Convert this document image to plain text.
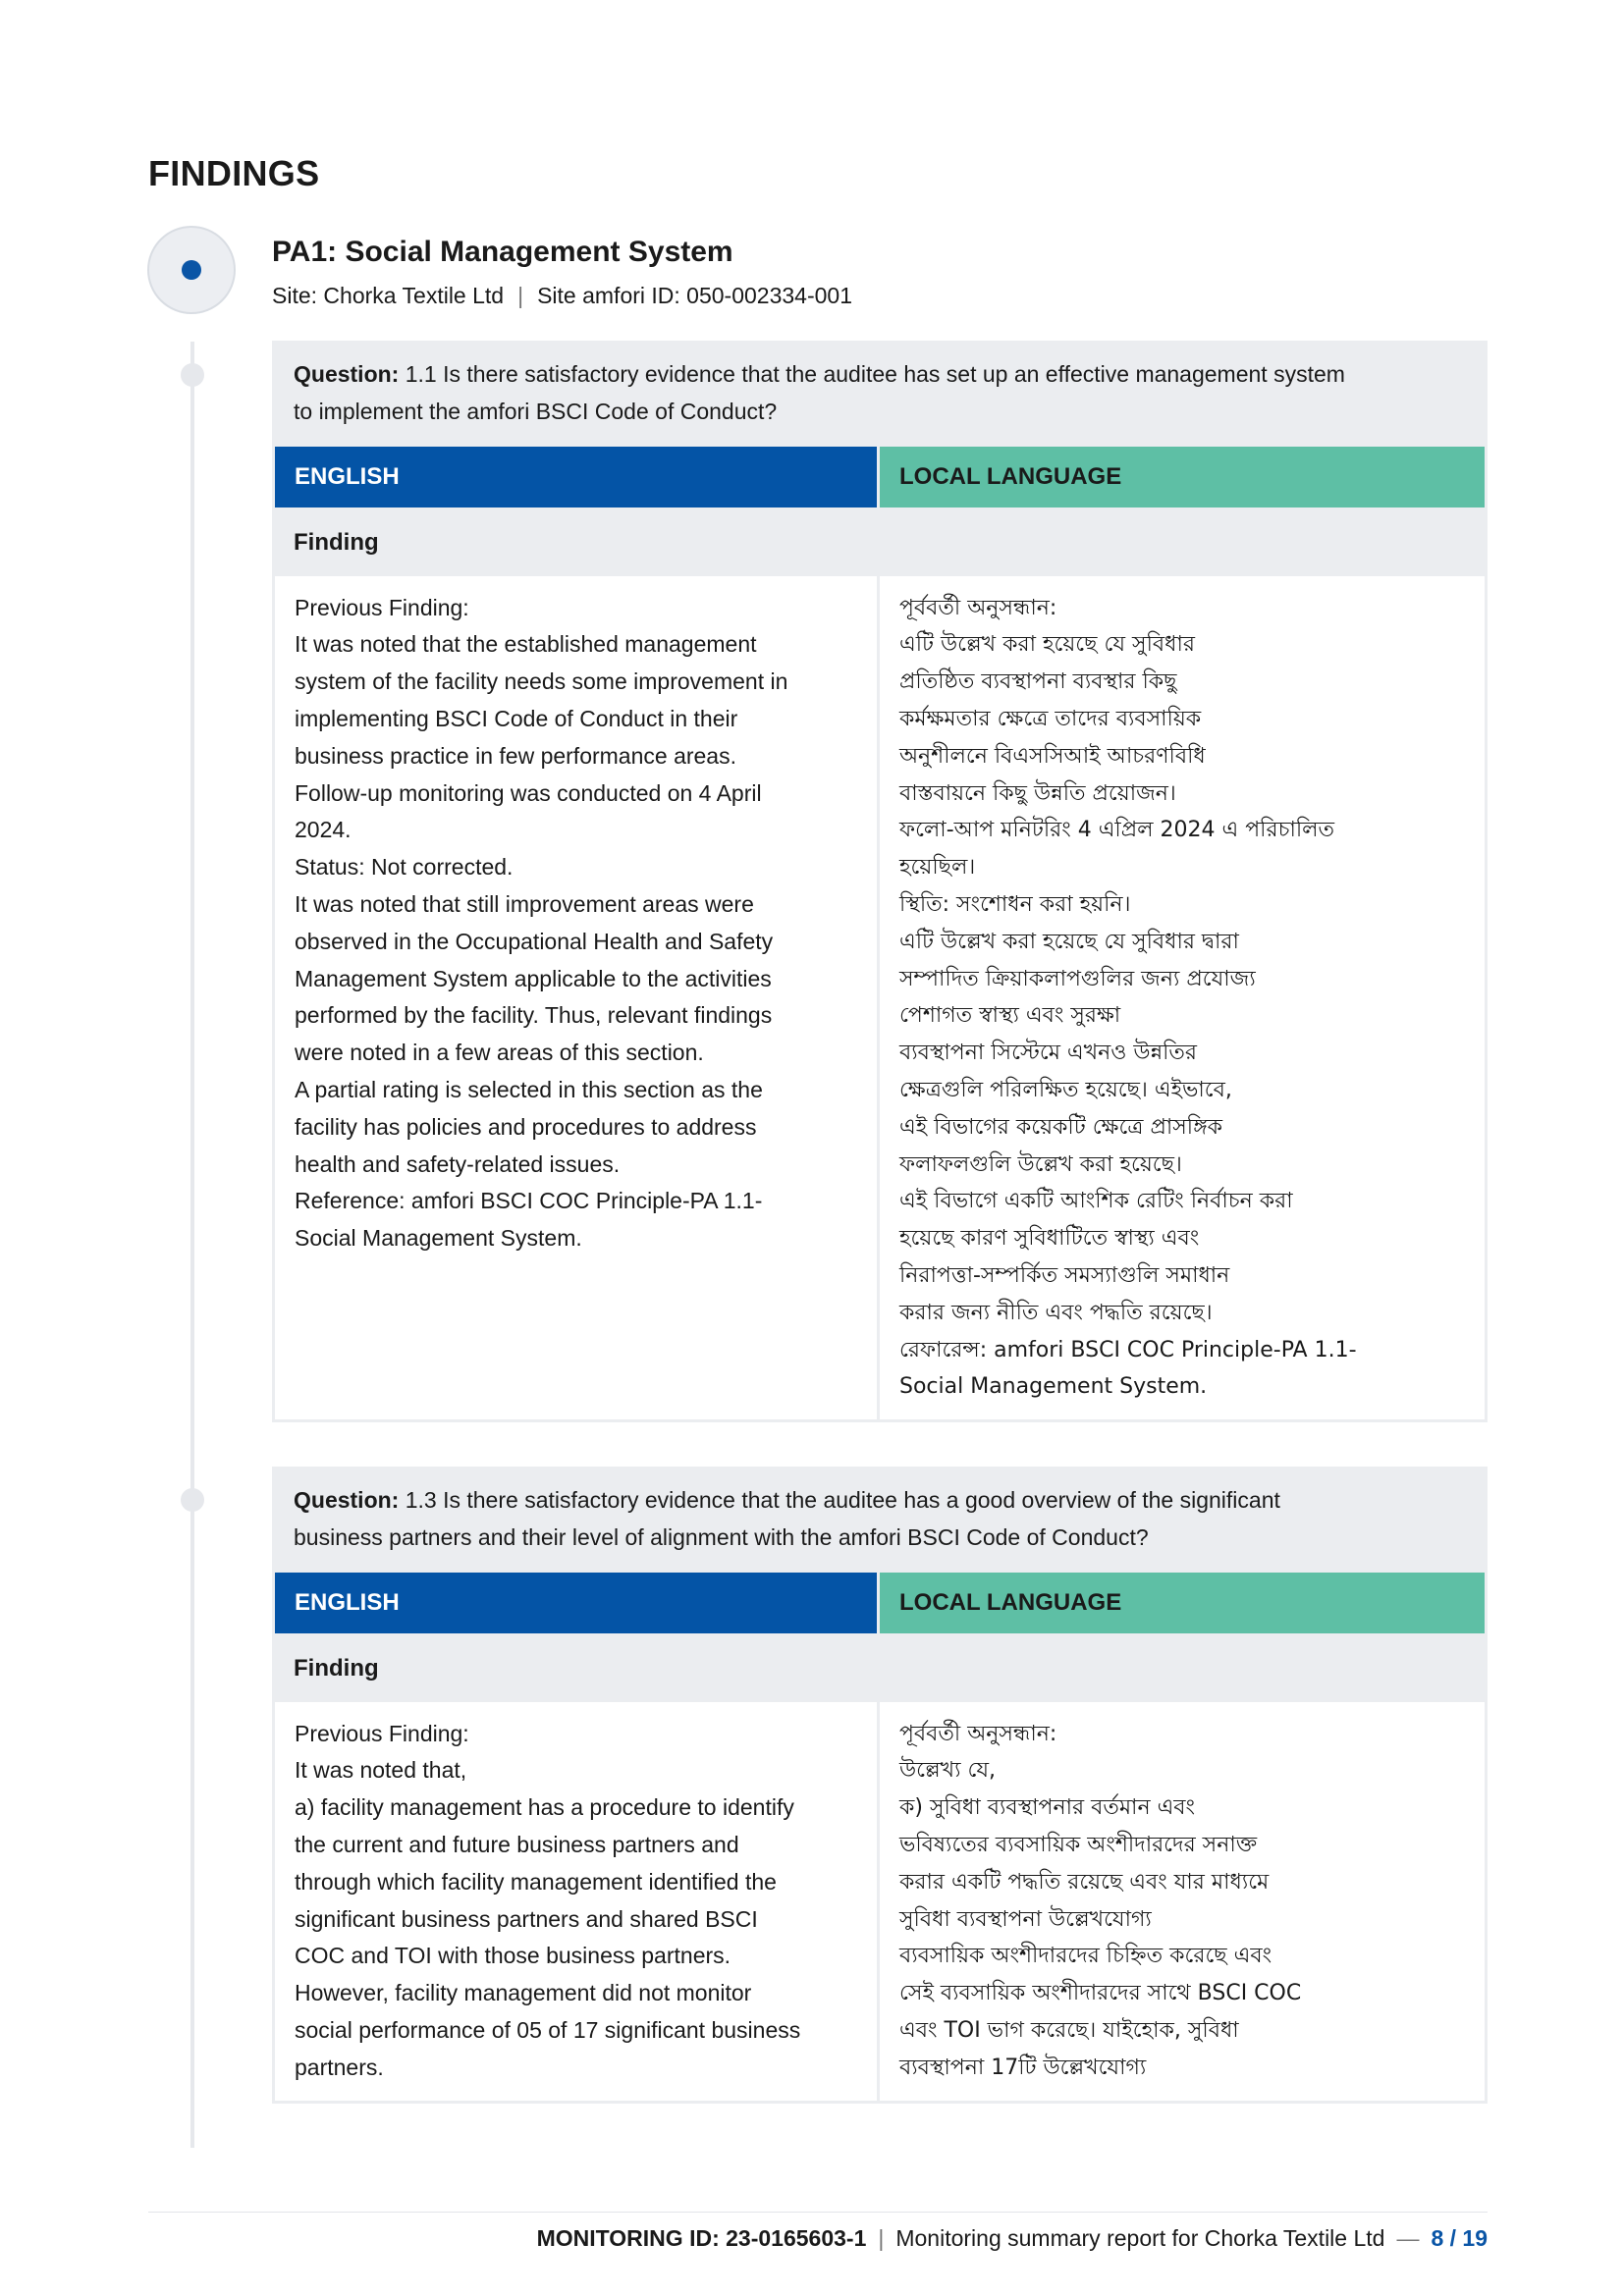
FINDINGS
PA1: Social Management System
Site: Chorka Textile Ltd | Site amfori ID: 050-002334-001
Question: 1.1 Is there satisfactory evidence that the auditee has set up an effective management system
to implement the amfori BSCI Code of Conduct?
ENGLISH	LOCAL LANGUAGE
Finding
Previous Finding:
It was noted that the established management
system of the facility needs some improvement in
implementing BSCI Code of Conduct in their
business practice in few performance areas.
Follow-up monitoring was conducted on 4 April
2024.
Status: Not corrected.
It was noted that still improvement areas were
observed in the Occupational Health and Safety
Management System applicable to the activities
performed by the facility. Thus, relevant findings
were noted in a few areas of this section.
A partial rating is selected in this section as the
facility has policies and procedures to address
health and safety-related issues.
Reference: amfori BSCI COC Principle-PA 1.1-
Social Management System.
পূর্ববর্তী অনুসন্ধান:
এটি উল্লেখ করা হয়েছে যে সুবিধার
প্রতিষ্ঠিত ব্যবস্থাপনা ব্যবস্থার কিছু
কর্মক্ষমতার ক্ষেত্রে তাদের ব্যবসায়িক
অনুশীলনে বিএসসিআই আচরণবিধি
বাস্তবায়নে কিছু উন্নতি প্রয়োজন।
ফলো-আপ মনিটরিং 4 এপ্রিল 2024 এ পরিচালিত
হয়েছিল।
স্থিতি: সংশোধন করা হয়নি।
এটি উল্লেখ করা হয়েছে যে সুবিধার দ্বারা
সম্পাদিত ক্রিয়াকলাপগুলির জন্য প্রযোজ্য
পেশাগত স্বাস্থ্য এবং সুরক্ষা
ব্যবস্থাপনা সিস্টেমে এখনও উন্নতির
ক্ষেত্রগুলি পরিলক্ষিত হয়েছে। এইভাবে,
এই বিভাগের কয়েকটি ক্ষেত্রে প্রাসঙ্গিক
ফলাফলগুলি উল্লেখ করা হয়েছে।
এই বিভাগে একটি আংশিক রেটিং নির্বাচন করা
হয়েছে কারণ সুবিধাটিতে স্বাস্থ্য এবং
নিরাপত্তা-সম্পর্কিত সমস্যাগুলি সমাধান
করার জন্য নীতি এবং পদ্ধতি রয়েছে।
রেফারেন্স: amfori BSCI COC Principle-PA 1.1-
Social Management System.
Question: 1.3 Is there satisfactory evidence that the auditee has a good overview of the significant
business partners and their level of alignment with the amfori BSCI Code of Conduct?
ENGLISH	LOCAL LANGUAGE
Finding
Previous Finding:
It was noted that,
a) facility management has a procedure to identify
the current and future business partners and
through which facility management identified the
significant business partners and shared BSCI
COC and TOI with those business partners.
However, facility management did not monitor
social performance of 05 of 17 significant business
partners.
পূর্ববর্তী অনুসন্ধান:
উল্লেখ্য যে,
ক) সুবিধা ব্যবস্থাপনার বর্তমান এবং
ভবিষ্যতের ব্যবসায়িক অংশীদারদের সনাক্ত
করার একটি পদ্ধতি রয়েছে এবং যার মাধ্যমে
সুবিধা ব্যবস্থাপনা উল্লেখযোগ্য
ব্যবসায়িক অংশীদারদের চিহ্নিত করেছে এবং
সেই ব্যবসায়িক অংশীদারদের সাথে BSCI COC
এবং TOI ভাগ করেছে। যাইহোক, সুবিধা
ব্যবস্থাপনা 17টি উল্লেখযোগ্য
MONITORING ID: 23-0165603-1 | Monitoring summary report for Chorka Textile Ltd — 8 / 19
